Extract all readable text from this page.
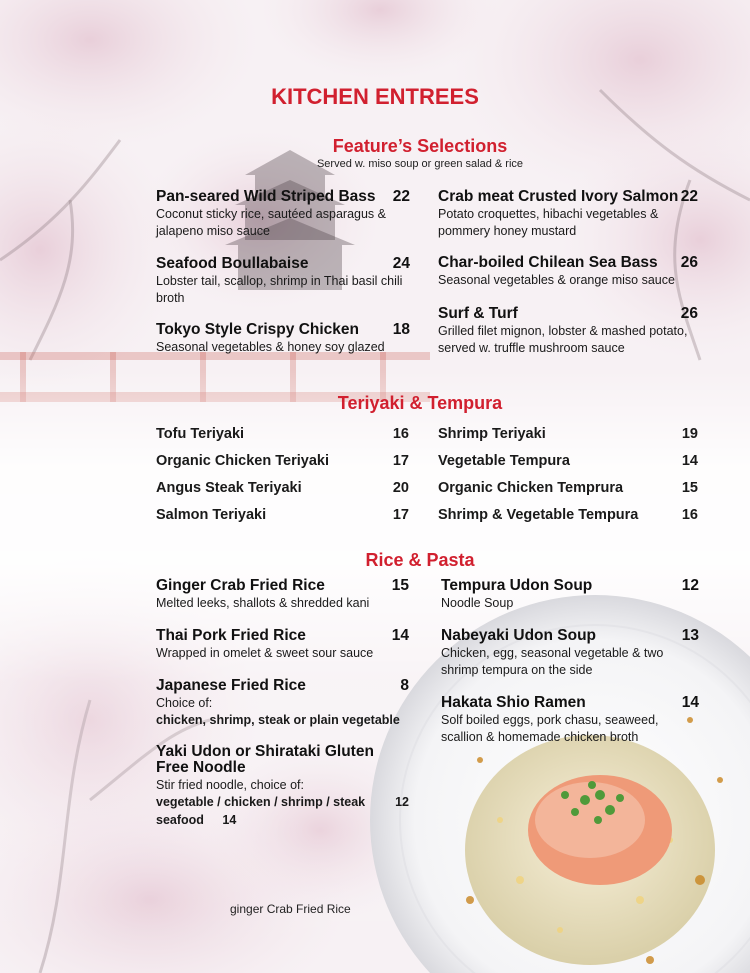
KITCHEN ENTREES
Feature’s Selections
Served w. miso soup or green salad & rice
Pan-seared Wild Striped Bass 22
Coconut sticky rice, sautéed asparagus & jalapeno miso sauce
Seafood Boullabaise	24
Lobster tail, scallop, shrimp in Thai basil chili broth
Tokyo Style Crispy Chicken 18
Seasonal vegetables & honey soy glazed
Crab meat Crusted Ivory Salmon 22
Potato croquettes, hibachi vegetables & pommery honey mustard
Char-boiled Chilean Sea Bass 26
Seasonal vegetables & orange miso sauce
Surf & Turf	26
Grilled filet mignon, lobster & mashed potato, served w. truffle mushroom sauce
Teriyaki & Tempura
Tofu Teriyaki	16
Organic Chicken Teriyaki	17
Angus Steak Teriyaki	20
Salmon Teriyaki	17
Shrimp Teriyaki	19
Vegetable Tempura	14
Organic Chicken Temprura	15
Shrimp & Vegetable Tempura	16
Rice & Pasta
Ginger Crab Fried Rice	15
Melted leeks, shallots & shredded kani
Thai Pork Fried Rice	14
Wrapped in omelet & sweet sour sauce
Japanese Fried Rice	8
Choice of:
chicken, shrimp, steak or plain vegetable
Yaki Udon or Shirataki Gluten
Free Noodle
Stir fried noodle, choice of:
vegetable / chicken / shrimp / steak 12
seafood 14
Tempura Udon Soup	12
Noodle Soup
Nabeyaki Udon Soup	13
Chicken, egg, seasonal vegetable & two shrimp tempura on the side
Hakata Shio Ramen	14
Solf boiled eggs, pork chasu, seaweed, scallion & homemade chicken broth
ginger Crab Fried Rice
